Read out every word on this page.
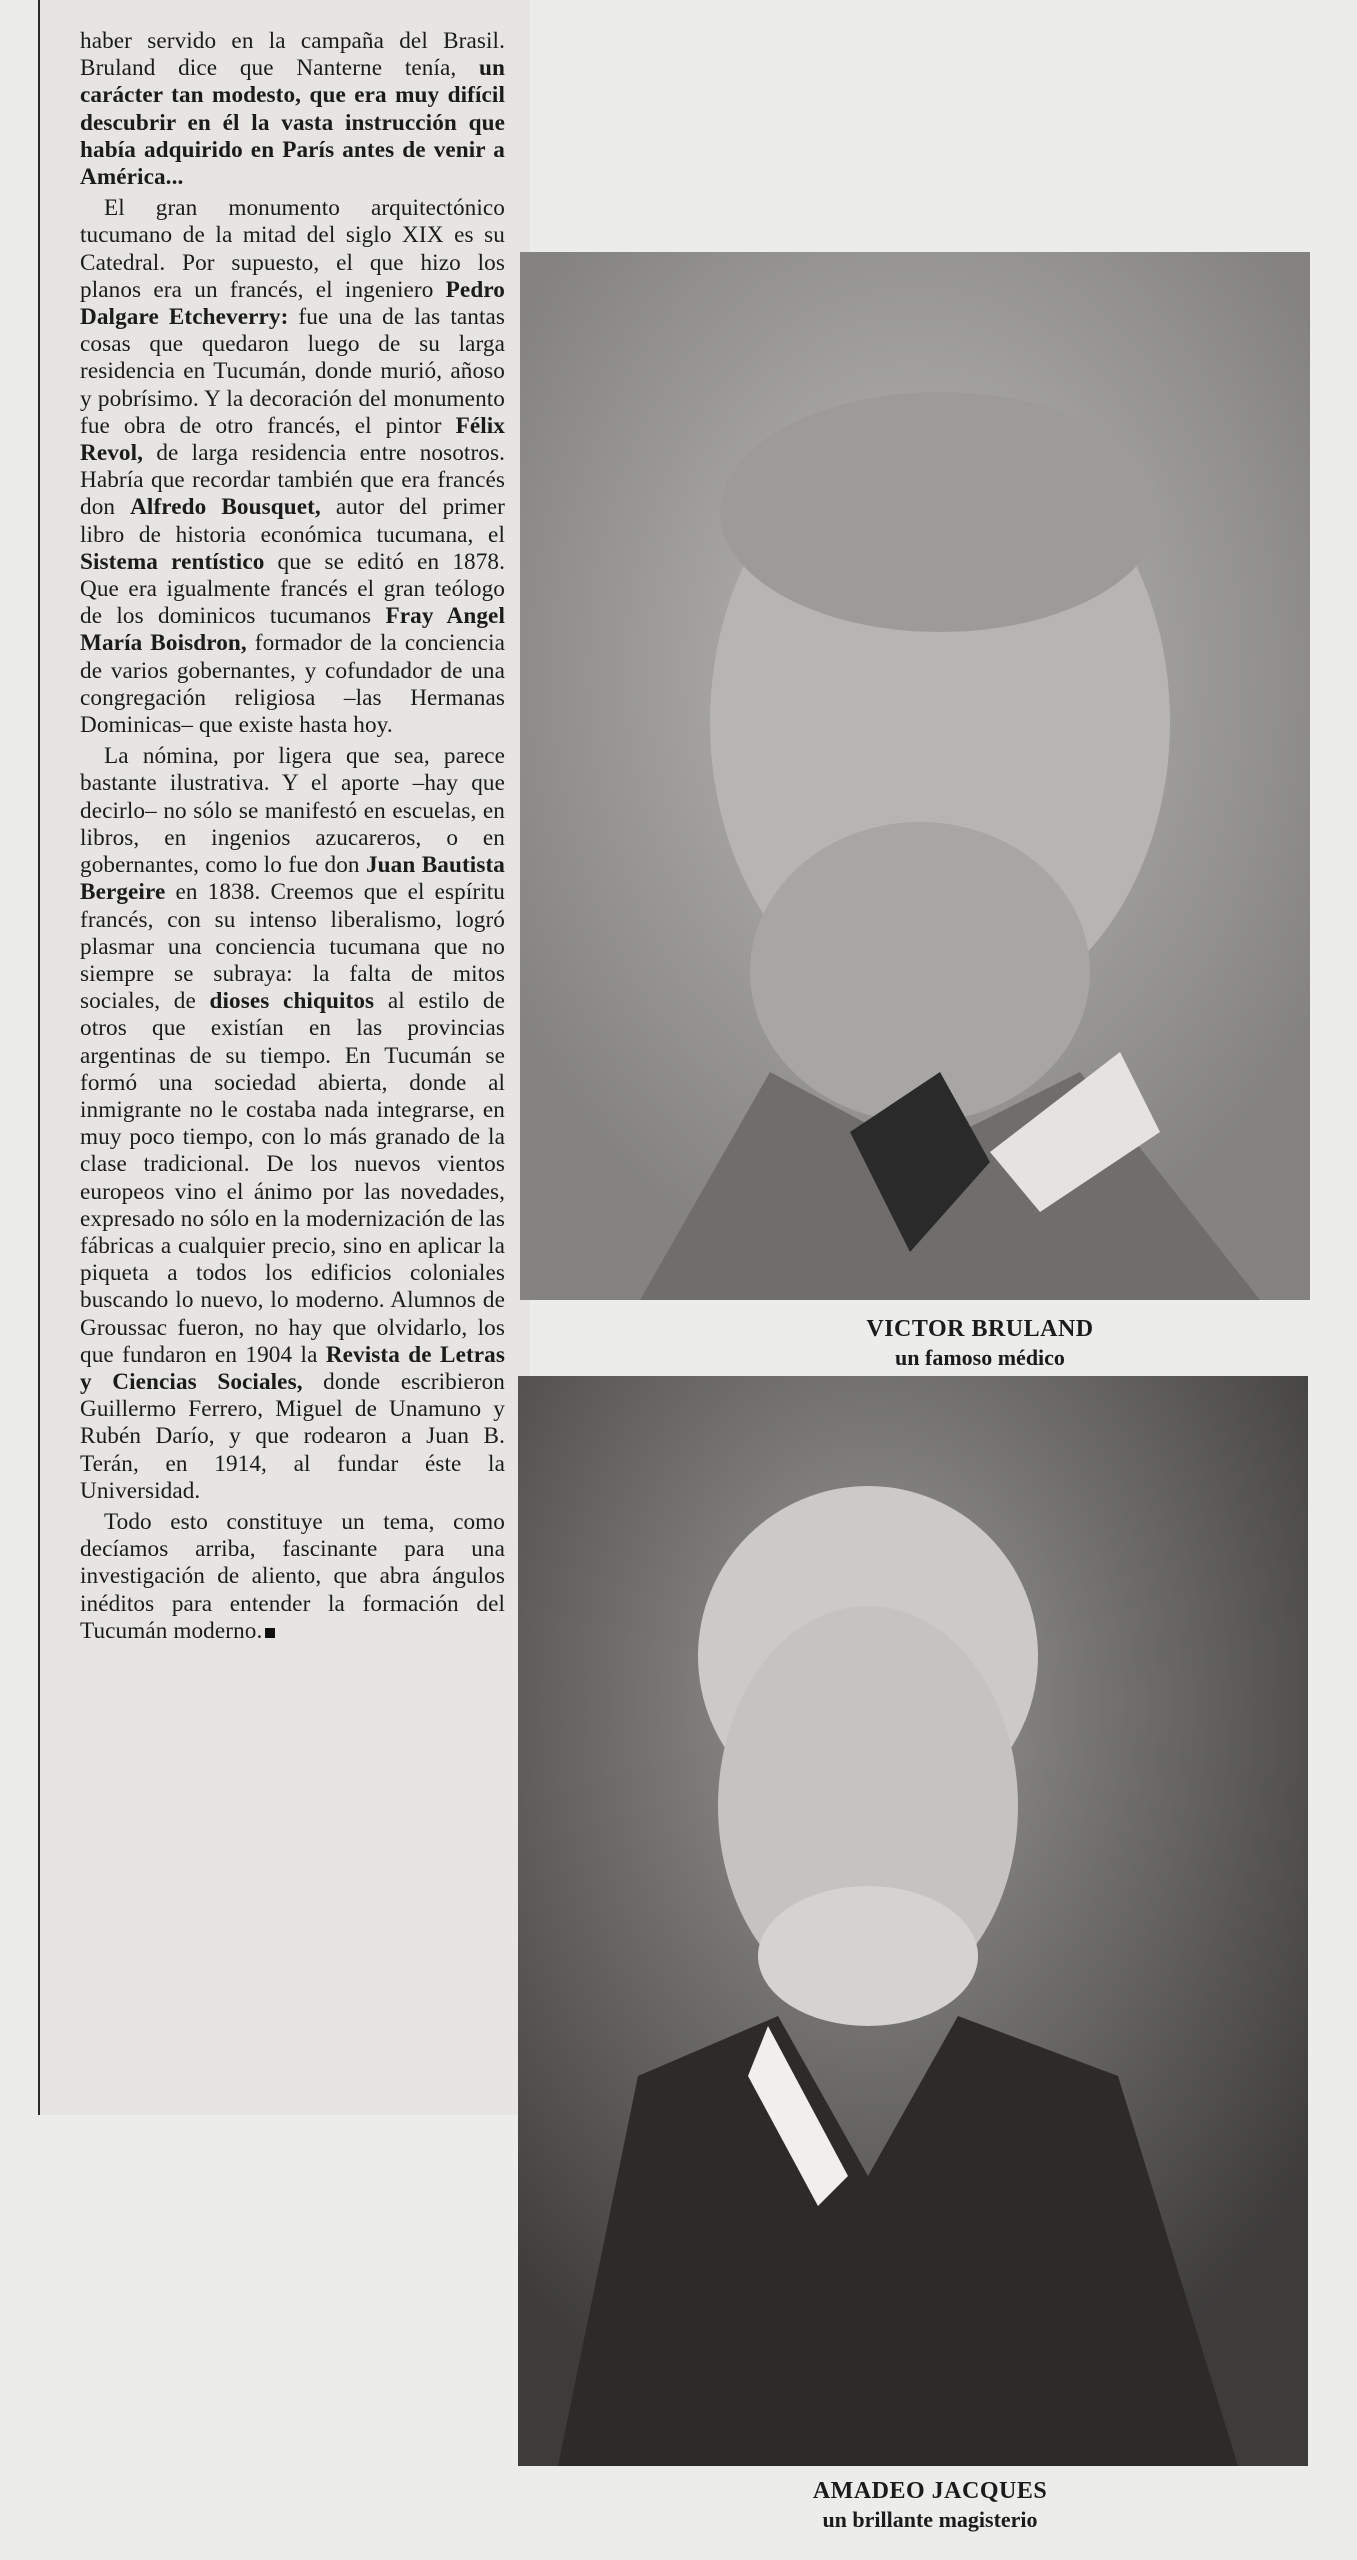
haber servido en la campaña del Brasil. Bruland dice que Nanterne tenía, un carácter tan modesto, que era muy difícil descubrir en él la vasta instrucción que había adquirido en París antes de venir a América...

El gran monumento arquitectónico tucumano de la mitad del siglo XIX es su Catedral. Por supuesto, el que hizo los planos era un francés, el ingeniero Pedro Dalgare Etcheverry: fue una de las tantas cosas que quedaron luego de su larga residencia en Tucumán, donde murió, añoso y pobrísimo. Y la decoración del monumento fue obra de otro francés, el pintor Félix Revol, de larga residencia entre nosotros. Habría que recordar también que era francés don Alfredo Bousquet, autor del primer libro de historia económica tucumana, el Sistema rentístico que se editó en 1878. Que era igualmente francés el gran teólogo de los dominicos tucumanos Fray Angel María Boisdron, formador de la conciencia de varios gobernantes, y cofundador de una congregación religiosa –las Hermanas Dominicas– que existe hasta hoy.

La nómina, por ligera que sea, parece bastante ilustrativa. Y el aporte –hay que decirlo– no sólo se manifestó en escuelas, en libros, en ingenios azucareros, o en gobernantes, como lo fue don Juan Bautista Bergeire en 1838. Creemos que el espíritu francés, con su intenso liberalismo, logró plasmar una conciencia tucumana que no siempre se subraya: la falta de mitos sociales, de dioses chiquitos al estilo de otros que existían en las provincias argentinas de su tiempo. En Tucumán se formó una sociedad abierta, donde al inmigrante no le costaba nada integrarse, en muy poco tiempo, con lo más granado de la clase tradicional. De los nuevos vientos europeos vino el ánimo por las novedades, expresado no sólo en la modernización de las fábricas a cualquier precio, sino en aplicar la piqueta a todos los edificios coloniales buscando lo nuevo, lo moderno. Alumnos de Groussac fueron, no hay que olvidarlo, los que fundaron en 1904 la Revista de Letras y Ciencias Sociales, donde escribieron Guillermo Ferrero, Miguel de Unamuno y Rubén Darío, y que rodearon a Juan B. Terán, en 1914, al fundar éste la Universidad.

Todo esto constituye un tema, como decíamos arriba, fascinante para una investigación de aliento, que abra ángulos inéditos para entender la formación del Tucumán moderno.

VICTOR BRULAND
un famoso médico
AMADEO JACQUES
un brillante magisterio
